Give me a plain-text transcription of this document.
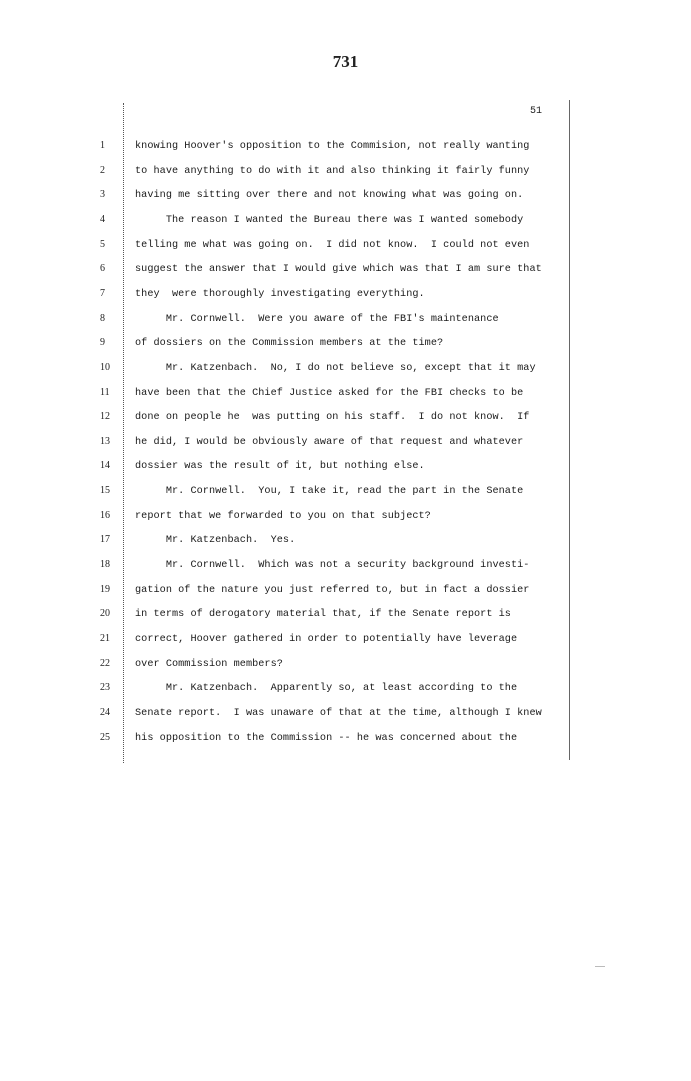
731
51
1	knowing Hoover's opposition to the Commision, not really wanting
2	to have anything to do with it and also thinking it fairly funny
3	having me sitting over there and not knowing what was going on.
4	The reason I wanted the Bureau there was I wanted somebody
5	telling me what was going on.  I did not know.  I could not even
6	suggest the answer that I would give which was that I am sure that
7	they  were thoroughly investigating everything.
8	Mr. Cornwell.  Were you aware of the FBI's maintenance
9	of dossiers on the Commission members at the time?
10	Mr. Katzenbach.  No, I do not believe so, except that it may
11	have been that the Chief Justice asked for the FBI checks to be
12	done on people he  was putting on his staff.  I do not know.  If
13	he did, I would be obviously aware of that request and whatever
14	dossier was the result of it, but nothing else.
15	Mr. Cornwell.  You, I take it, read the part in the Senate
16	report that we forwarded to you on that subject?
17	Mr. Katzenbach.  Yes.
18	Mr. Cornwell.  Which was not a security background investi-
19	gation of the nature you just referred to, but in fact a dossier
20	in terms of derogatory material that, if the Senate report is
21	correct, Hoover gathered in order to potentially have leverage
22	over Commission members?
23	Mr. Katzenbach.  Apparently so, at least according to the
24	Senate report.  I was unaware of that at the time, although I knew
25	his opposition to the Commission -- he was concerned about the
